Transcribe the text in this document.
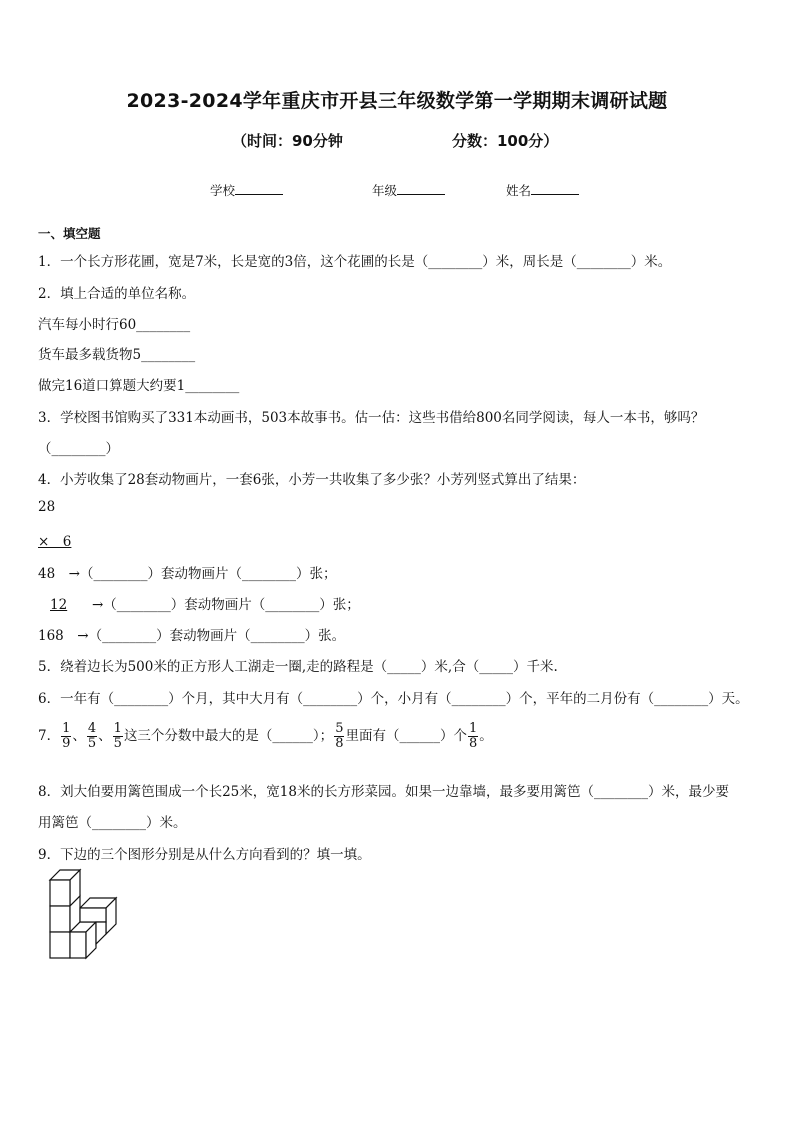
2023-2024学年重庆市开县三年级数学第一学期期末调研试题
（时间：90分钟	分数：100分）
学校	年级	姓名
一、填空题
1．一个长方形花圃，宽是7米，长是宽的3倍，这个花圃的长是（________）米，周长是（________）米。
2．填上合适的单位名称。
汽车每小时行60________
货车最多载货物5________
做完16道口算题大约要1________
3．学校图书馆购买了331本动画书，503本故事书。估一估：这些书借给800名同学阅读，每人一本书，够吗？
（________）
4．小芳收集了28套动物画片，一套6张，小芳一共收集了多少张？小芳列竖式算出了结果：
28
×　6
48　→（________）套动物画片（________）张；
12 →（________）套动物画片（________）张；
168　→（________）套动物画片（________）张。
5．绕着边长为500米的正方形人工湖走一圈,走的路程是（_____）米,合（_____）千米.
6．一年有（________）个月，其中大月有（________）个，小月有（________）个，平年的二月份有（________）天。
7． $\frac{1}{9}$ 、 $\frac{4}{5}$ 、 $\frac{1}{5}$ 这三个分数中最大的是（______）； $\frac{5}{8}$ 里面有（______）个 $\frac{1}{8}$ 。
8．刘大伯要用篱笆围成一个长25米，宽18米的长方形菜园。如果一边靠墙，最多要用篱笆（________）米，最少要
用篱笆（________）米。
9．下边的三个图形分别是从什么方向看到的？填一填。
